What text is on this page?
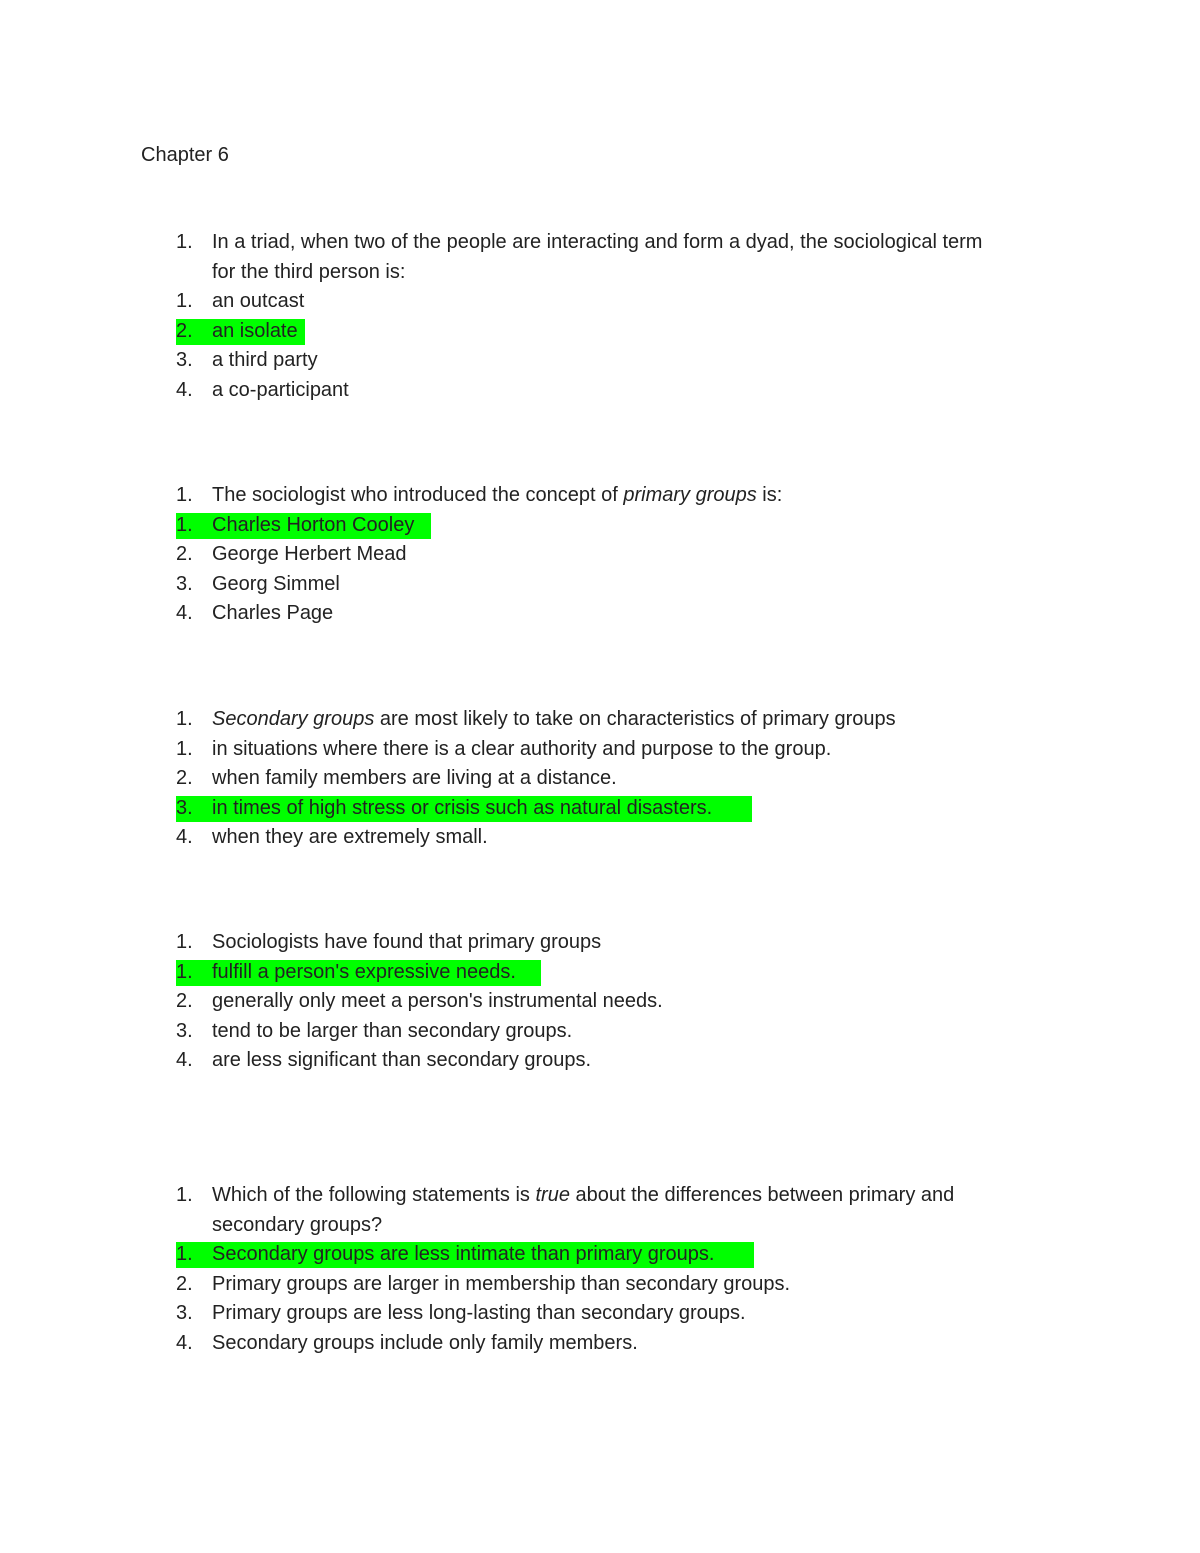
Chapter 6
1. In a triad, when two of the people are interacting and form a dyad, the sociological term
for the third person is:
1. an outcast
2. an isolate
3. a third party
4. a co-participant
1. The sociologist who introduced the concept of primary groups is:
1. Charles Horton Cooley
2. George Herbert Mead
3. Georg Simmel
4. Charles Page
1. Secondary groups are most likely to take on characteristics of primary groups
1. in situations where there is a clear authority and purpose to the group.
2. when family members are living at a distance.
3. in times of high stress or crisis such as natural disasters.
4. when they are extremely small.
1. Sociologists have found that primary groups
1. fulfill a person's expressive needs.
2. generally only meet a person's instrumental needs.
3. tend to be larger than secondary groups.
4. are less significant than secondary groups.
1. Which of the following statements is true about the differences between primary and
secondary groups?
1. Secondary groups are less intimate than primary groups.
2. Primary groups are larger in membership than secondary groups.
3. Primary groups are less long-lasting than secondary groups.
4. Secondary groups include only family members.
